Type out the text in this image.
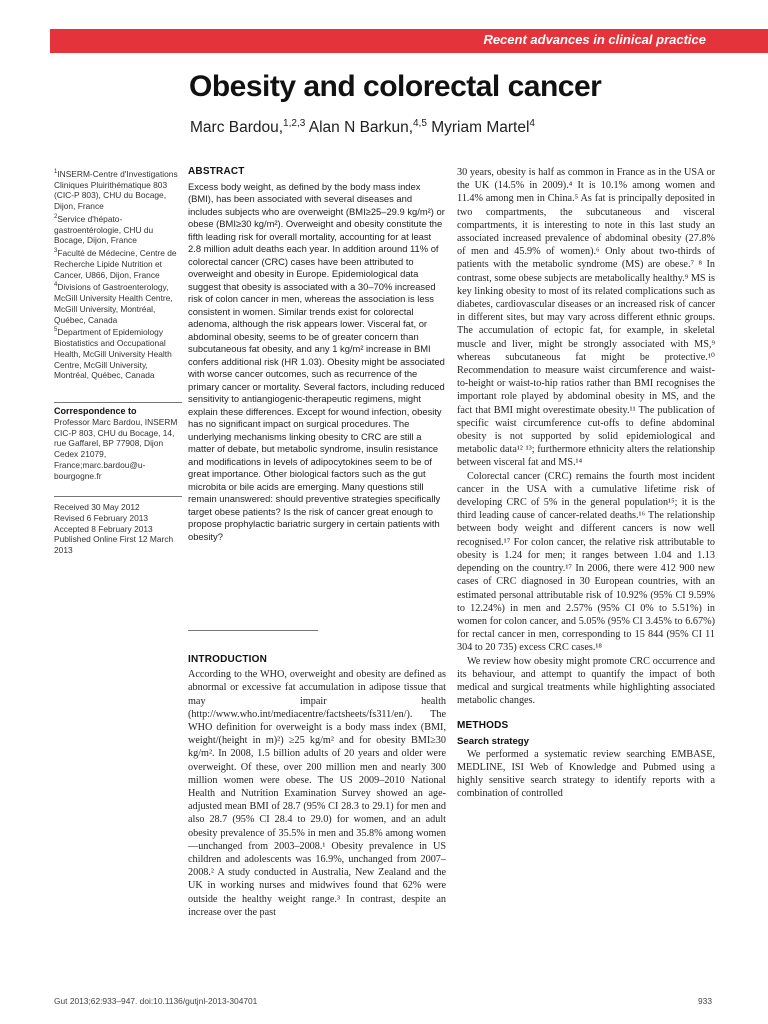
Recent advances in clinical practice
Obesity and colorectal cancer
Marc Bardou,$^{1,2,3}$ Alan N Barkun,$^{4,5}$ Myriam Martel$^4$
$^1$INSERM-Centre d'Investigations Cliniques Pluirithématique 803 (CIC-P 803), CHU du Bocage, Dijon, France
$^2$Service d'hépato-gastroentérologie, CHU du Bocage, Dijon, France
$^3$Faculté de Médecine, Centre de Recherche Lipide Nutrition et Cancer, U866, Dijon, France
$^4$Divisions of Gastroenterology, McGill University Health Centre, McGill University, Montréal, Québec, Canada
$^5$Department of Epidemiology Biostatistics and Occupational Health, McGill University Health Centre, McGill University, Montréal, Québec, Canada
Correspondence to
Professor Marc Bardou, INSERM CIC-P 803, CHU du Bocage, 14, rue Gaffarel, BP 77908, Dijon Cedex 21079, France;marc.bardou@u-bourgogne.fr
Received 30 May 2012
Revised 6 February 2013
Accepted 8 February 2013
Published Online First 12 March 2013
ABSTRACT

Excess body weight, as defined by the body mass index (BMI), has been associated with several diseases and includes subjects who are overweight (BMI≥25–29.9 kg/m²) or obese (BMI≥30 kg/m²). Overweight and obesity constitute the fifth leading risk for overall mortality, accounting for at least 2.8 million adult deaths each year. In addition around 11% of colorectal cancer (CRC) cases have been attributed to overweight and obesity in Europe. Epidemiological data suggest that obesity is associated with a 30–70% increased risk of colon cancer in men, whereas the association is less consistent in women. Similar trends exist for colorectal adenoma, although the risk appears lower. Visceral fat, or abdominal obesity, seems to be of greater concern than subcutaneous fat obesity, and any 1 kg/m² increase in BMI confers additional risk (HR 1.03). Obesity might be associated with worse cancer outcomes, such as recurrence of the primary cancer or mortality. Several factors, including reduced sensitivity to antiangiogenic-therapeutic regimens, might explain these differences. Except for wound infection, obesity has no significant impact on surgical procedures. The underlying mechanisms linking obesity to CRC are still a matter of debate, but metabolic syndrome, insulin resistance and modifications in levels of adipocytokines seem to be of great importance. Other biological factors such as the gut microbita or bile acids are emerging. Many questions still remain unanswered: should preventive strategies specifically target obese patients? Is the risk of cancer great enough to propose prophylactic bariatric surgery in certain patients with obesity?

INTRODUCTION

According to the WHO, overweight and obesity are defined as abnormal or excessive fat accumulation in adipose tissue that may impair health (http://www.who.int/mediacentre/factsheets/fs311/en/). The WHO definition for overweight is a body mass index (BMI, weight/(height in m)²) ≥25 kg/m² and for obesity BMI≥30 kg/m². In 2008, 1.5 billion adults of 20 years and older were overweight. Of these, over 200 million men and nearly 300 million women were obese. The US 2009–2010 National Health and Nutrition Examination Survey showed an age-adjusted mean BMI of 28.7 (95% CI 28.3 to 29.1) for men and also 28.7 (95% CI 28.4 to 29.0) for women, and an adult obesity prevalence of 35.5% in men and 35.8% among women—unchanged from 2003–2008.¹ Obesity prevalence in US children and adolescents was 16.9%, unchanged from 2007–2008.² A study conducted in Australia, New Zealand and the UK in working nurses and midwives found that 62% were outside the healthy weight range.³ In contrast, despite an increase over the past

30 years, obesity is half as common in France as in the USA or the UK (14.5% in 2009).⁴ It is 10.1% among women and 11.4% among men in China.⁵ As fat is principally deposited in two compartments, the subcutaneous and visceral compartments, it is interesting to note in this last study an associated increased prevalence of abdominal obesity (27.8% of men and 45.9% of women).⁶ Only about two-thirds of patients with the metabolic syndrome (MS) are obese.⁷ ⁸ In contrast, some obese subjects are metabolically healthy.⁹ MS is key linking obesity to most of its related complications such as diabetes, cardiovascular diseases or an increased risk of cancer in different sites, but may vary across different ethnic groups. The accumulation of ectopic fat, for example, in skeletal muscle and liver, might be strongly associated with MS,⁹ whereas subcutaneous fat might be protective.¹⁰ Recommendation to measure waist circumference and waist-to-height or waist-to-hip ratios rather than BMI recognises the important role played by abdominal obesity in MS, and the fact that BMI might overestimate obesity.¹¹ The publication of specific waist circumference cut-offs to define abdominal obesity is not supported by solid epidemiological and metabolic data¹² ¹³; furthermore ethnicity alters the relationship between visceral fat and MS.¹⁴

Colorectal cancer (CRC) remains the fourth most incident cancer in the USA with a cumulative lifetime risk of developing CRC of 5% in the general population¹⁵; it is the third leading cause of cancer-related deaths.¹⁶ The relationship between body weight and different cancers is now well recognised.¹⁷ For colon cancer, the relative risk attributable to obesity is 1.24 for men; it ranges between 1.04 and 1.13 depending on the country.¹⁷ In 2006, there were 412 900 new cases of CRC diagnosed in 30 European countries, with an estimated personal attributable risk of 10.92% (95% CI 9.59% to 12.24%) in men and 2.57% (95% CI 0% to 5.51%) in women for colon cancer, and 5.05% (95% CI 3.45% to 6.67%) for rectal cancer in men, corresponding to 15 844 (95% CI 11 304 to 20 735) excess CRC cases.¹⁸

We review how obesity might promote CRC occurrence and its behaviour, and attempt to quantify the impact of both medical and surgical treatments while highlighting associated metabolic changes.

METHODS
Search strategy

We performed a systematic review searching EMBASE, MEDLINE, ISI Web of Knowledge and Pubmed using a highly sensitive search strategy to identify reports with a combination of controlled

Gut 2013;62:933–947. doi:10.1136/gutjnl-2013-304701	933
